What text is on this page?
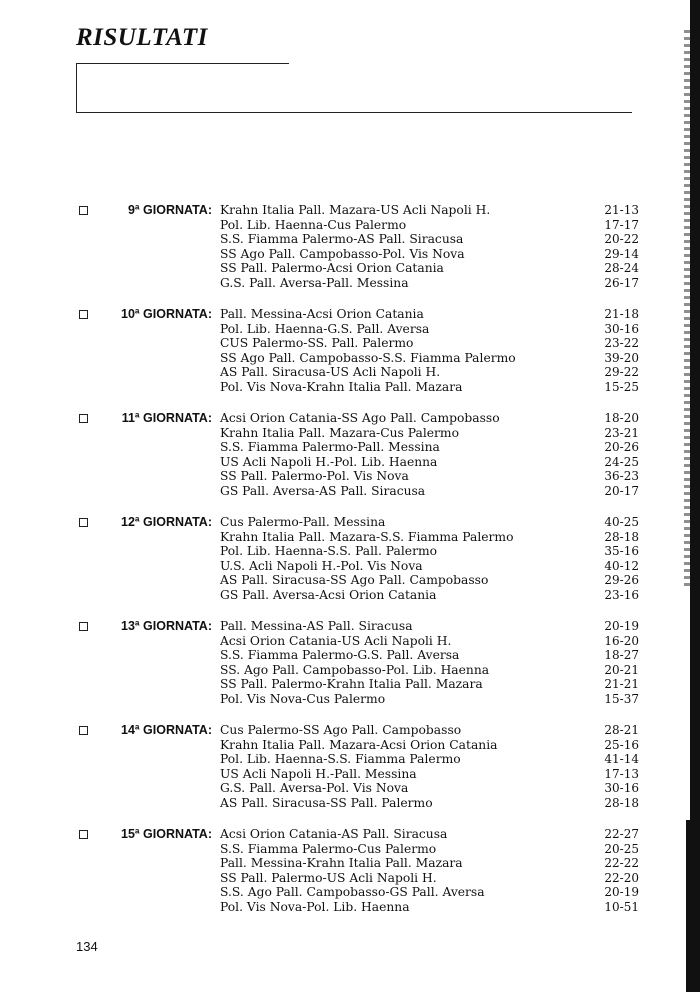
RISULTATI
9ª GIORNATA: Krahn Italia Pall. Mazara-US Acli Napoli H.	21-13
Pol. Lib. Haenna-Cus Palermo	17-17
S.S. Fiamma Palermo-AS Pall. Siracusa	20-22
SS Ago Pall. Campobasso-Pol. Vis Nova	29-14
SS Pall. Palermo-Acsi Orion Catania	28-24
G.S. Pall. Aversa-Pall. Messina	26-17
10ª GIORNATA: Pall. Messina-Acsi Orion Catania	21-18
Pol. Lib. Haenna-G.S. Pall. Aversa	30-16
CUS Palermo-SS. Pall. Palermo	23-22
SS Ago Pall. Campobasso-S.S. Fiamma Palermo	39-20
AS Pall. Siracusa-US Acli Napoli H.	29-22
Pol. Vis Nova-Krahn Italia Pall. Mazara	15-25
11ª GIORNATA: Acsi Orion Catania-SS Ago Pall. Campobasso	18-20
Krahn Italia Pall. Mazara-Cus Palermo	23-21
S.S. Fiamma Palermo-Pall. Messina	20-26
US Acli Napoli H.-Pol. Lib. Haenna	24-25
SS Pall. Palermo-Pol. Vis Nova	36-23
GS Pall. Aversa-AS Pall. Siracusa	20-17
12ª GIORNATA: Cus Palermo-Pall. Messina	40-25
Krahn Italia Pall. Mazara-S.S. Fiamma Palermo	28-18
Pol. Lib. Haenna-S.S. Pall. Palermo	35-16
U.S. Acli Napoli H.-Pol. Vis Nova	40-12
AS Pall. Siracusa-SS Ago Pall. Campobasso	29-26
GS Pall. Aversa-Acsi Orion Catania	23-16
13ª GIORNATA: Pall. Messina-AS Pall. Siracusa	20-19
Acsi Orion Catania-US Acli Napoli H.	16-20
S.S. Fiamma Palermo-G.S. Pall. Aversa	18-27
SS. Ago Pall. Campobasso-Pol. Lib. Haenna	20-21
SS Pall. Palermo-Krahn Italia Pall. Mazara	21-21
Pol. Vis Nova-Cus Palermo	15-37
14ª GIORNATA: Cus Palermo-SS Ago Pall. Campobasso	28-21
Krahn Italia Pall. Mazara-Acsi Orion Catania	25-16
Pol. Lib. Haenna-S.S. Fiamma Palermo	41-14
US Acli Napoli H.-Pall. Messina	17-13
G.S. Pall. Aversa-Pol. Vis Nova	30-16
AS Pall. Siracusa-SS Pall. Palermo	28-18
15ª GIORNATA: Acsi Orion Catania-AS Pall. Siracusa	22-27
S.S. Fiamma Palermo-Cus Palermo	20-25
Pall. Messina-Krahn Italia Pall. Mazara	22-22
SS Pall. Palermo-US Acli Napoli H.	22-20
S.S. Ago Pall. Campobasso-GS Pall. Aversa	20-19
Pol. Vis Nova-Pol. Lib. Haenna	10-51
134
